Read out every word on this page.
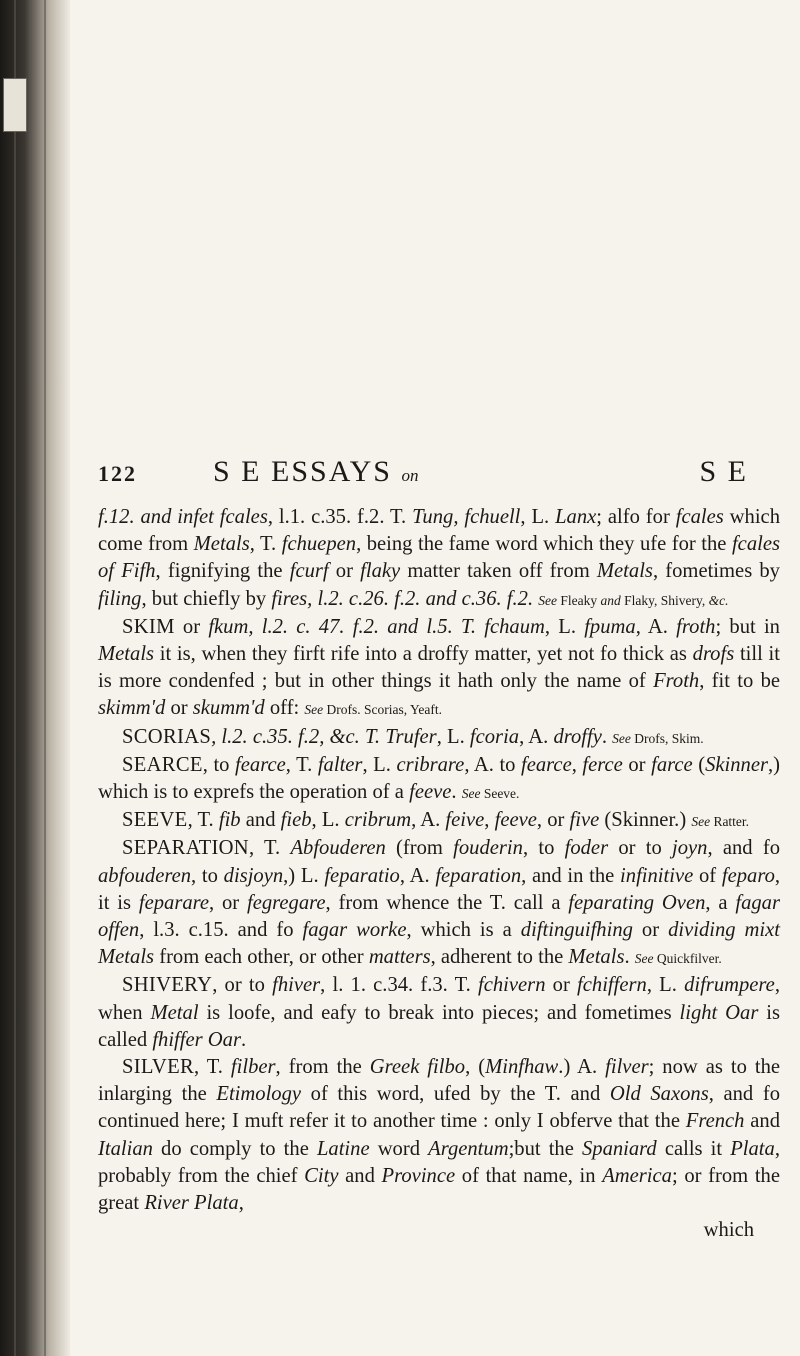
122	S E ESSAYS on	S E

f.12. and infet fcales, l.1. c.35. f.2. T. Tung, fchuell, L. Lanx; alfo for fcales which come from Metals, T. fchuepen, being the fame word which they ufe for the fcales of Fifh, fignifying the fcurf or flaky matter taken off from Metals, fometimes by filing, but chiefly by fires, l.2. c.26. f.2. and c.36. f.2. See Fleaky and Flaky, Shivery, &c.

SKIM or fkum, l.2. c. 47. f.2. and l.5. T. fchaum, L. fpuma, A. froth; but in Metals it is, when they firft rife into a droffy matter, yet not fo thick as drofs till it is more condenfed ; but in other things it hath only the name of Froth, fit to be skimm'd or skumm'd off: See Drofs. Scorias, Yeaft.

SCORIAS, l.2. c.35. f.2, &c. T. Trufer, L. fcoria, A. droffy. See Drofs, Skim.

SEARCE, to fearce, T. falter, L. cribrare, A. to fearce, ferce or farce (Skinner,) which is to exprefs the operation of a feeve. See Seeve.

SEEVE, T. fib and fieb, L. cribrum, A. feive, feeve, or five (Skinner.) See Ratter.

SEPARATION, T. Abfouderen (from fouderin, to foder or to joyn, and fo abfouderen, to disjoyn,) L. feparatio, A. feparation, and in the infinitive of feparo, it is feparare, or fegregare, from whence the T. call a feparating Oven, a fagar offen, l.3. c.15. and fo fagar worke, which is a diftinguifhing or dividing mixt Metals from each other, or other matters, adherent to the Metals. See Quickfilver.

SHIVERY, or to fhiver, l. 1. c.34. f.3. T. fchivern or fchiffern, L. difrumpere, when Metal is loofe, and eafy to break into pieces; and fometimes light Oar is called fhiffer Oar.

SILVER, T. filber, from the Greek filbo, (Minfhaw.) A. filver; now as to the inlarging the Etimology of this word, ufed by the T. and Old Saxons, and fo continued here; I muft refer it to another time : only I obferve that the French and Italian do comply to the Latine word Argentum;but the Spaniard calls it Plata, probably from the chief City and Province of that name, in America; or from the great River Plata,

which
